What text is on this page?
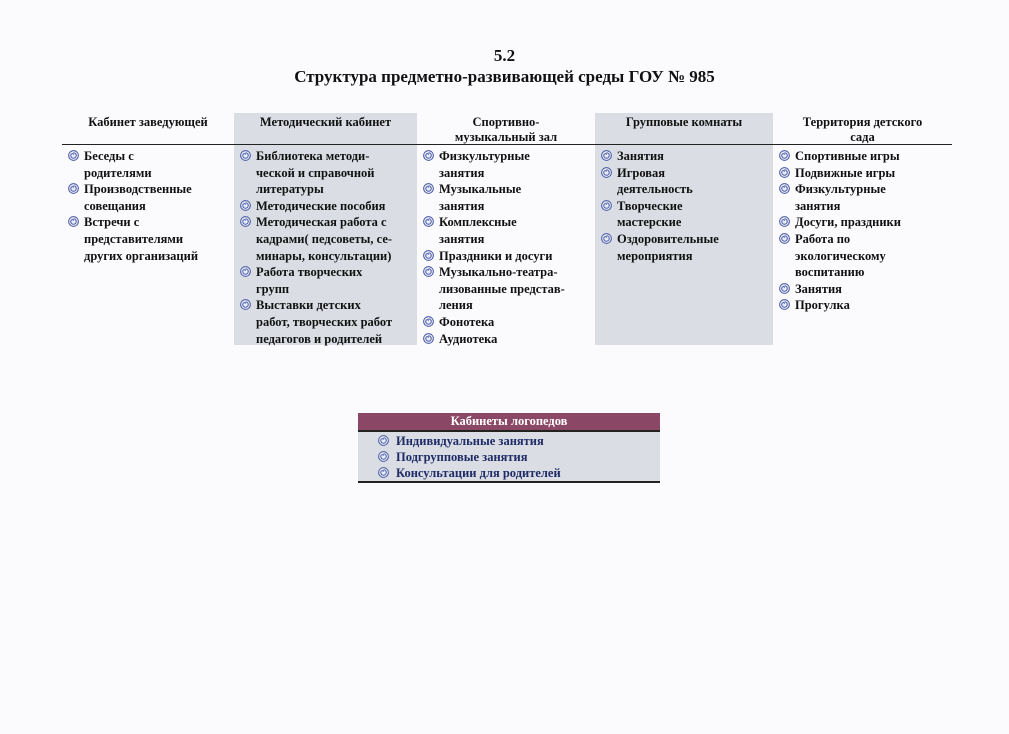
5.2
Структура предметно-развивающей среды ГОУ № 985
Кабинет заведующей
Беседы с
родителями
Производственные
совещания
Встречи с
представителями
других организаций
Методический кабинет
Библиотека методи-
ческой и справочной
литературы
Методические пособия
Методическая работа с
кадрами( педсоветы, се-
минары, консультации)
Работа творческих
групп
Выставки детских
работ, творческих работ
педагогов и родителей
Спортивно-
музыкальный зал
Физкультурные
занятия
Музыкальные
занятия
Комплексные
занятия
Праздники и досуги
Музыкально-театра-
лизованные представ-
ления
Фонотека
Аудиотека
Групповые комнаты
Занятия
Игровая
деятельность
Творческие
мастерские
Оздоровительные
мероприятия
Территория детского
сада
Спортивные игры
Подвижные игры
Физкультурные
занятия
Досуги, праздники
Работа по
экологическому
воспитанию
Занятия
Прогулка
Кабинеты логопедов
Индивидуальные занятия
Подгрупповые занятия
Консультации для родителей
